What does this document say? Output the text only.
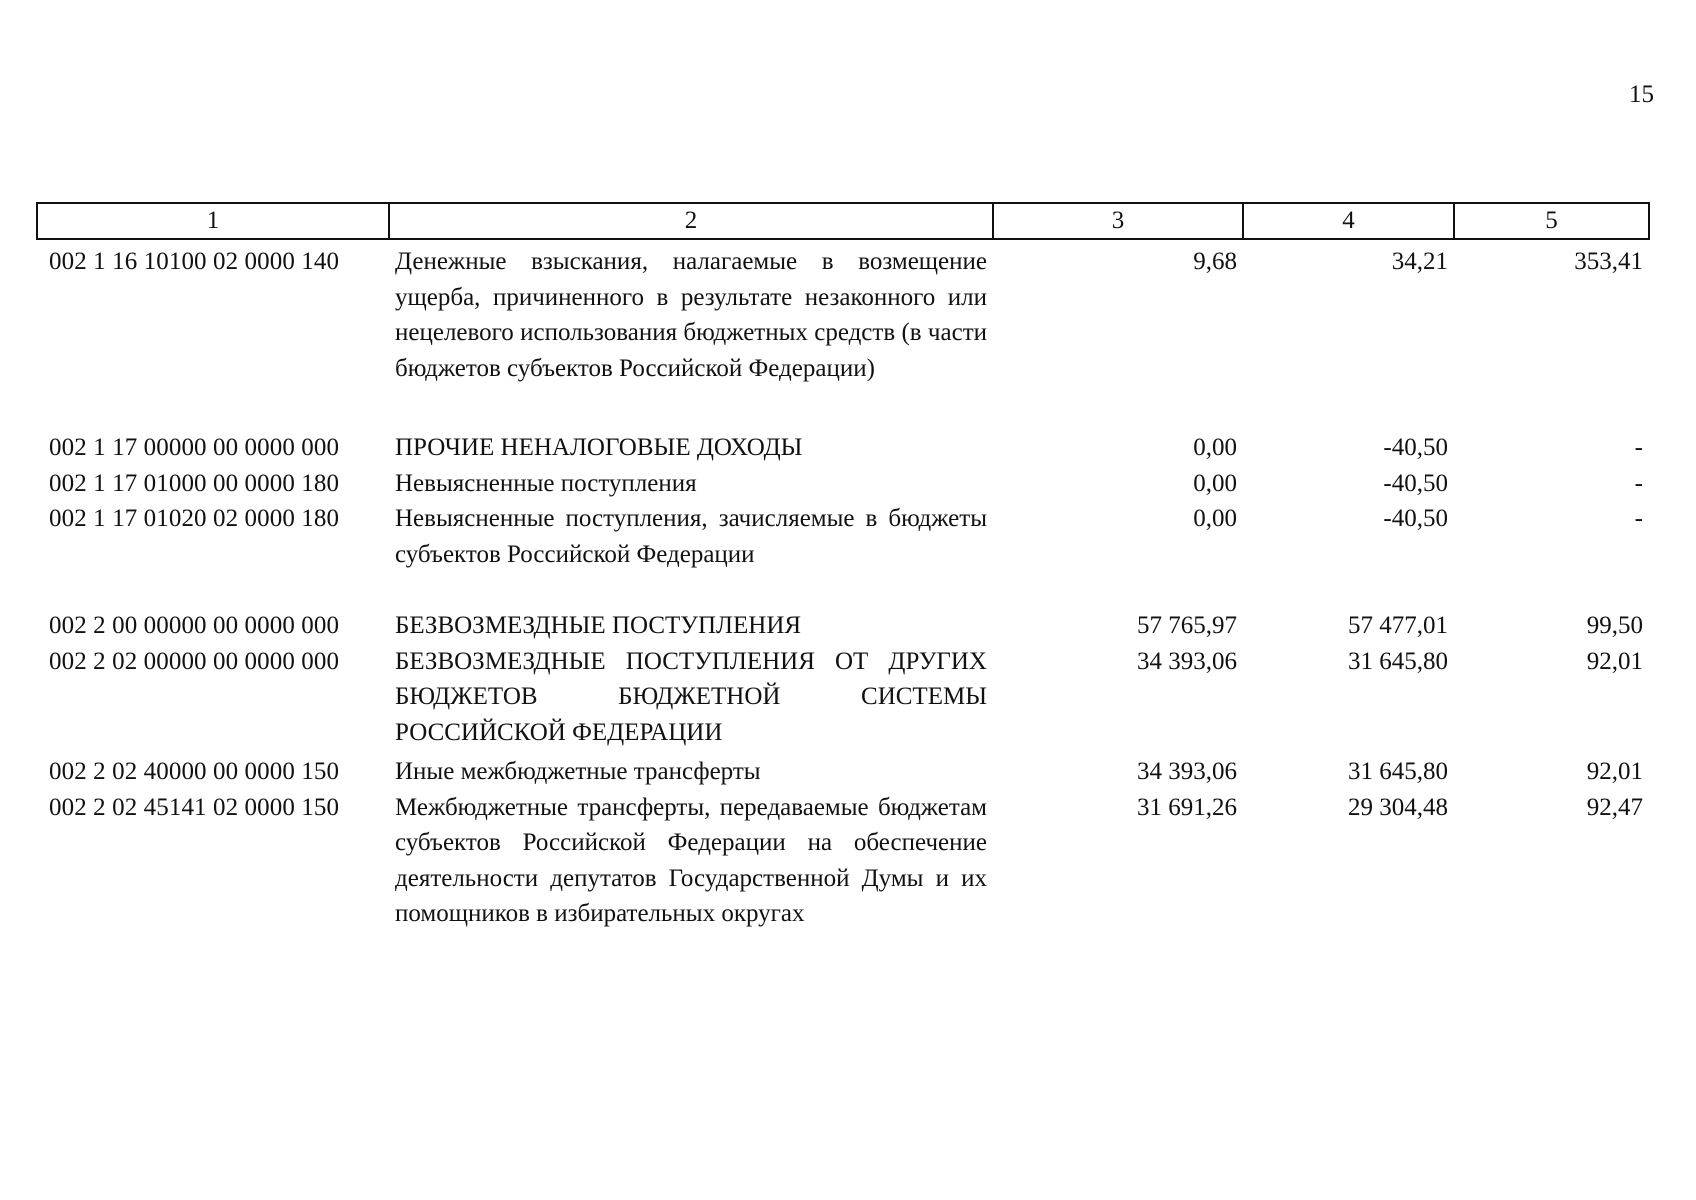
15
1	2	3	4	5
002 1 16 10100 02 0000 140	Денежные взыскания, налагаемые в возмещение ущерба, причиненного в результате незаконного или нецелевого использования бюджетных средств (в части бюджетов субъектов Российской Федерации)	9,68	34,21	353,41
002 1 17 00000 00 0000 000	ПРОЧИЕ НЕНАЛОГОВЫЕ ДОХОДЫ	0,00	-40,50	-
002 1 17 01000 00 0000 180	Невыясненные поступления	0,00	-40,50	-
002 1 17 01020 02 0000 180	Невыясненные поступления, зачисляемые в бюджеты субъектов Российской Федерации	0,00	-40,50	-
002 2 00 00000 00 0000 000	БЕЗВОЗМЕЗДНЫЕ ПОСТУПЛЕНИЯ	57 765,97	57 477,01	99,50
002 2 02 00000 00 0000 000	БЕЗВОЗМЕЗДНЫЕ ПОСТУПЛЕНИЯ ОТ ДРУГИХ БЮДЖЕТОВ БЮДЖЕТНОЙ СИСТЕМЫ РОССИЙСКОЙ ФЕДЕРАЦИИ	34 393,06	31 645,80	92,01
002 2 02 40000 00 0000 150	Иные межбюджетные трансферты	34 393,06	31 645,80	92,01
002 2 02 45141 02 0000 150	Межбюджетные трансферты, передаваемые бюджетам субъектов Российской Федерации на обеспечение деятельности депутатов Государственной Думы и их помощников в избирательных округах	31 691,26	29 304,48	92,47
